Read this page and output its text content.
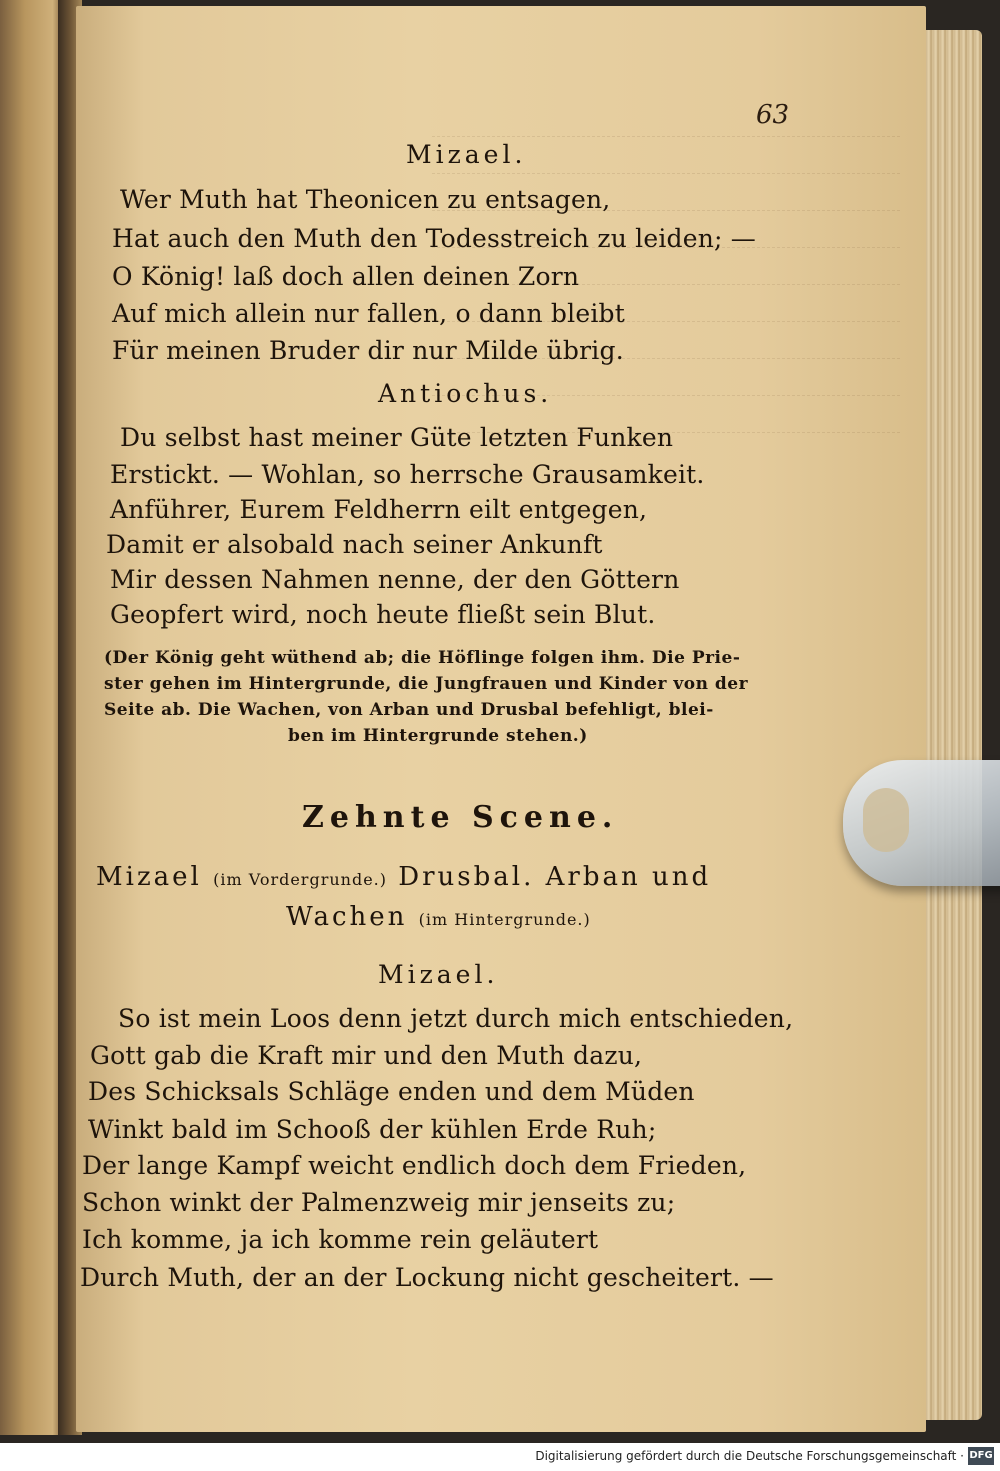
63
Mizael.
Wer Muth hat Theonicen zu entsagen,
Hat auch den Muth den Todesstreich zu leiden; —
O König! laß doch allen deinen Zorn
Auf mich allein nur fallen, o dann bleibt
Für meinen Bruder dir nur Milde übrig.
Antiochus.
Du selbst hast meiner Güte letzten Funken
Erstickt. — Wohlan, so herrsche Grausamkeit.
Anführer, Eurem Feldherrn eilt entgegen,
Damit er alsobald nach seiner Ankunft
Mir dessen Nahmen nenne, der den Göttern
Geopfert wird, noch heute fließt sein Blut.
(Der König geht wüthend ab; die Höflinge folgen ihm. Die Prie-
ster gehen im Hintergrunde, die Jungfrauen und Kinder von der
Seite ab. Die Wachen, von Arban und Drusbal befehligt, blei-
ben im Hintergrunde stehen.)
Zehnte Scene.
Mizael (im Vordergrunde.) Drusbal. Arban und
Wachen (im Hintergrunde.)
Mizael.
So ist mein Loos denn jetzt durch mich entschieden,
Gott gab die Kraft mir und den Muth dazu,
Des Schicksals Schläge enden und dem Müden
Winkt bald im Schooß der kühlen Erde Ruh;
Der lange Kampf weicht endlich doch dem Frieden,
Schon winkt der Palmenzweig mir jenseits zu;
Ich komme, ja ich komme rein geläutert
Durch Muth, der an der Lockung nicht gescheitert. —
Digitalisierung gefördert durch die Deutsche Forschungsgemeinschaft · DFG
